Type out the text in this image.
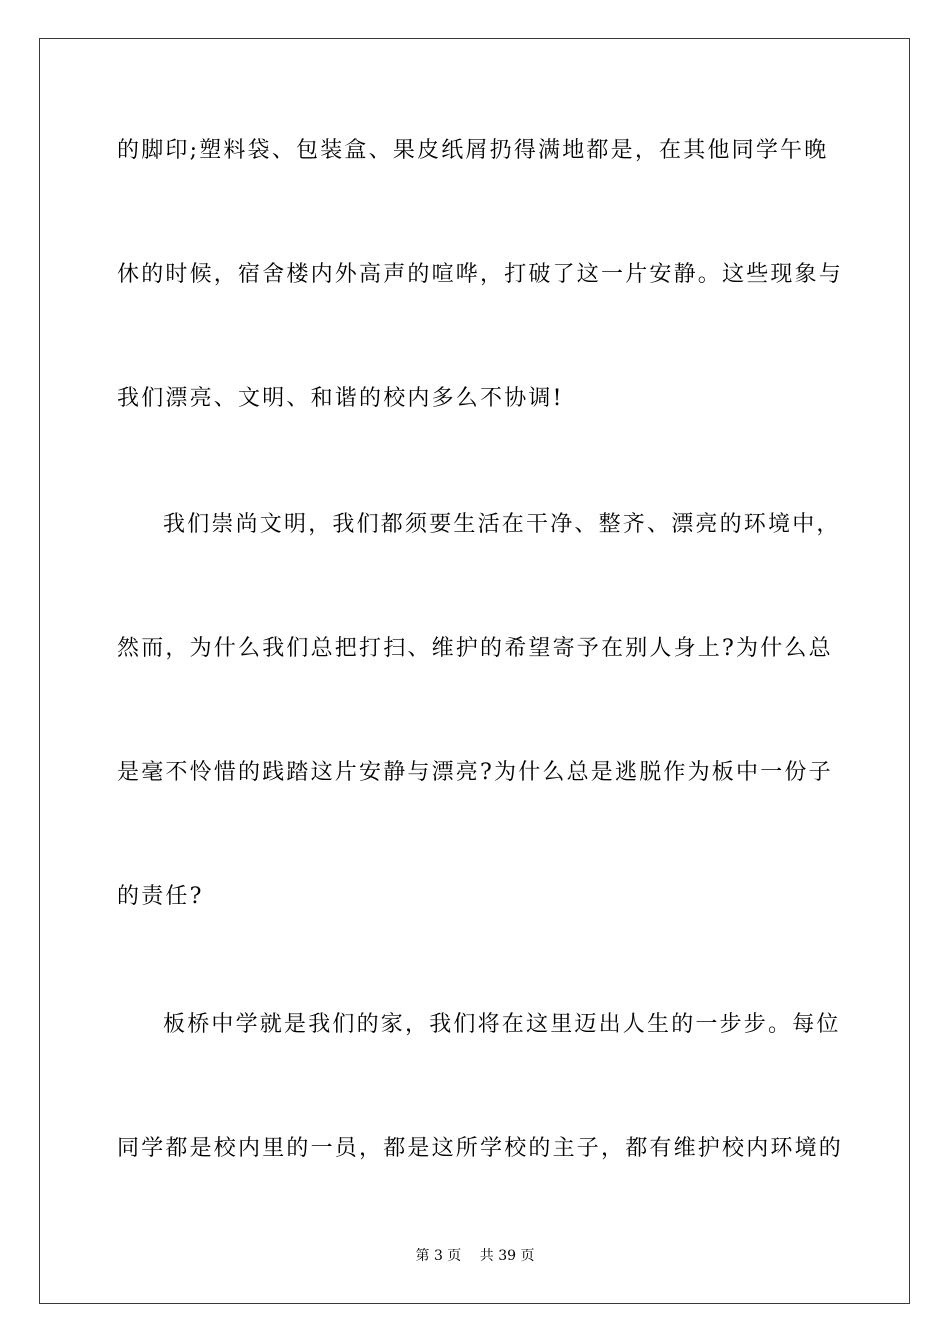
的脚印;塑料袋、包装盒、果皮纸屑扔得满地都是，在其他同学午晚
休的时候，宿舍楼内外高声的喧哗，打破了这一片安静。这些现象与
我们漂亮、文明、和谐的校内多么不协调!
我们崇尚文明，我们都须要生活在干净、整齐、漂亮的环境中，
然而，为什么我们总把打扫、维护的希望寄予在别人身上?为什么总
是毫不怜惜的践踏这片安静与漂亮?为什么总是逃脱作为板中一份子
的责任?
板桥中学就是我们的家，我们将在这里迈出人生的一步步。每位
同学都是校内里的一员，都是这所学校的主子，都有维护校内环境的
第 3 页　 共 39 页
